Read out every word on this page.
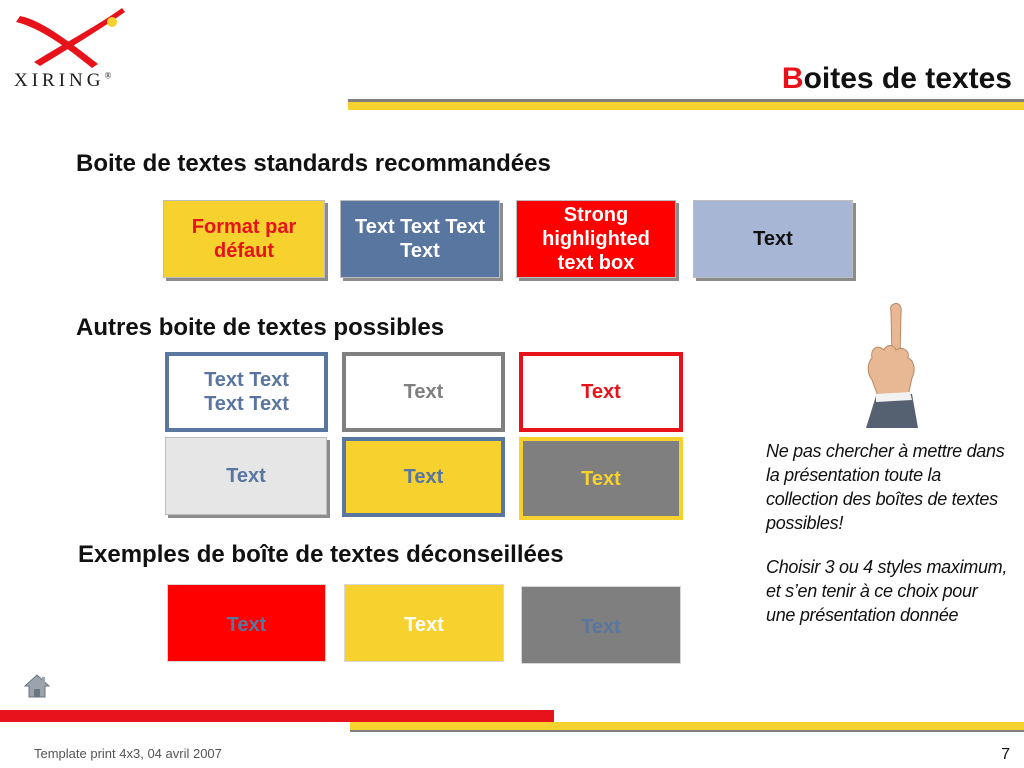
XIRING®	Boites de textes
Boite de textes standards recommandées
Format par défaut
Text Text Text Text
Strong highlighted text box
Text
Autres boite de textes possibles
Text Text Text Text
Text	Text
Text	Text	Text
Exemples de boîte de textes déconseillées
Text	Text	Text

Ne pas chercher à mettre dans la présentation toute la collection des boîtes de textes possibles!

Choisir 3 ou 4 styles maximum, et s’en tenir à ce choix pour une présentation donnée

Template print 4x3, 04 avril 2007	7
